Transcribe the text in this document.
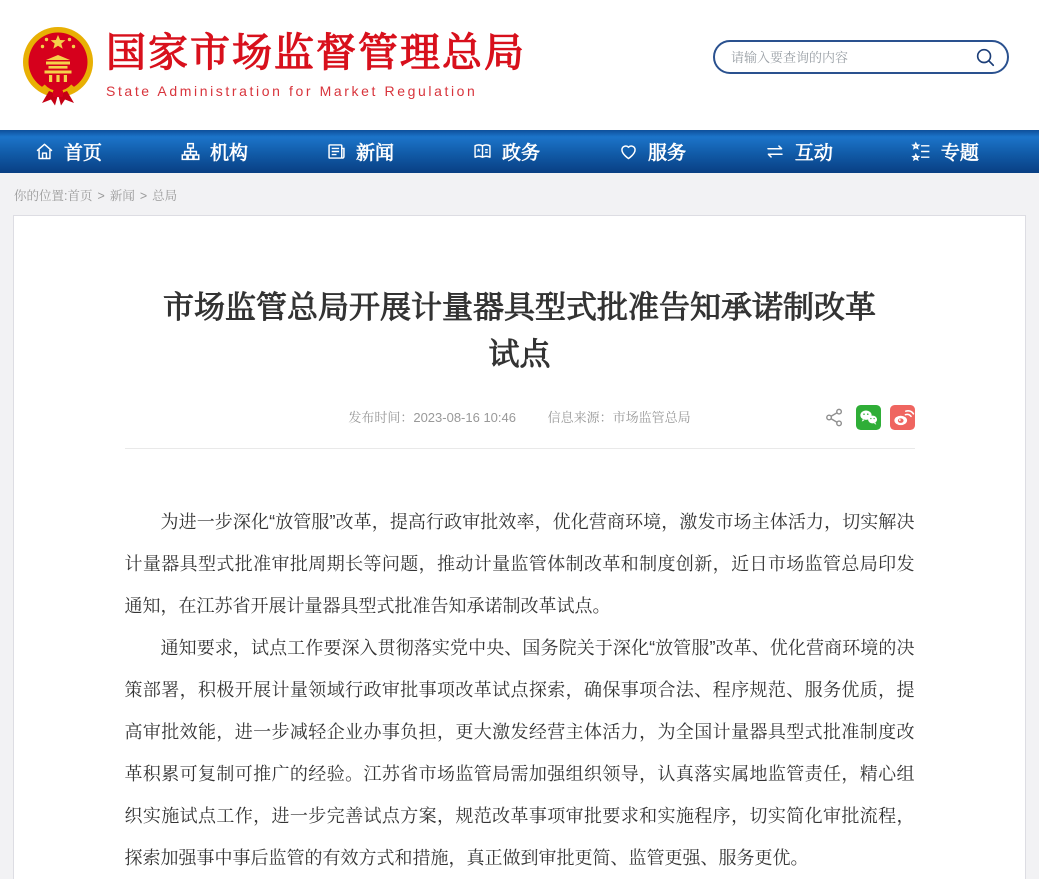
国家市场监督管理总局
State Administration for Market Regulation
请输入要查询的内容
首页	机构	新闻	政务	服务	互动	专题
你的位置:首页 > 新闻 > 总局
市场监管总局开展计量器具型式批准告知承诺制改革试点
发布时间：2023-08-16 10:46 信息来源：市场监管总局

为进一步深化“放管服”改革，提高行政审批效率，优化营商环境，激发市场主体活力，切实解决计量器具型式批准审批周期长等问题，推动计量监管体制改革和制度创新，近日市场监管总局印发通知，在江苏省开展计量器具型式批准告知承诺制改革试点。

通知要求，试点工作要深入贯彻落实党中央、国务院关于深化“放管服”改革、优化营商环境的决策部署，积极开展计量领域行政审批事项改革试点探索，确保事项合法、程序规范、服务优质，提高审批效能，进一步减轻企业办事负担，更大激发经营主体活力，为全国计量器具型式批准制度改革积累可复制可推广的经验。江苏省市场监管局需加强组织领导，认真落实属地监管责任，精心组织实施试点工作，进一步完善试点方案，规范改革事项审批要求和实施程序，切实简化审批流程，探索加强事中事后监管的有效方式和措施，真正做到审批更简、监管更强、服务更优。
